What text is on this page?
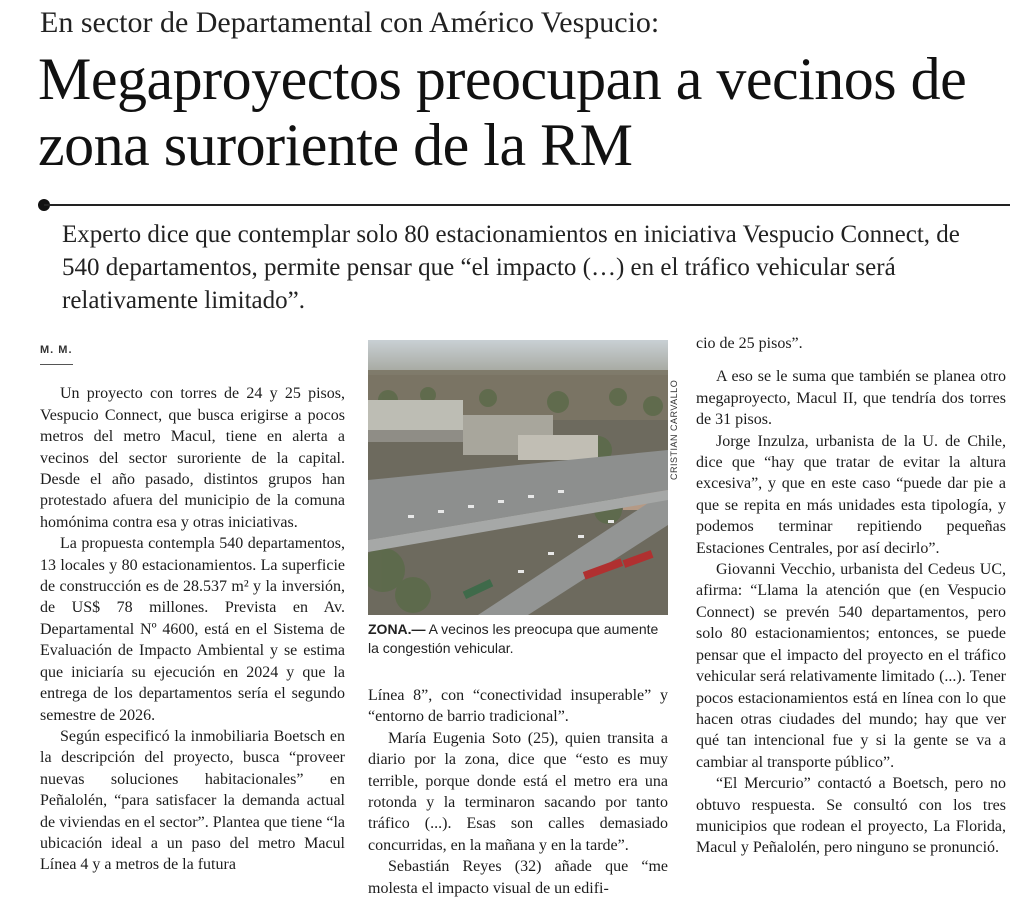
En sector de Departamental con Américo Vespucio:
Megaproyectos preocupan a vecinos de zona suroriente de la RM
Experto dice que contemplar solo 80 estacionamientos en iniciativa Vespucio Connect, de 540 departamentos, permite pensar que “el impacto (…) en el tráfico vehicular será relativamente limitado”.
M. M.

Un proyecto con torres de 24 y 25 pisos, Vespucio Connect, que busca erigirse a pocos metros del metro Macul, tiene en alerta a vecinos del sector suroriente de la capital. Desde el año pasado, distintos grupos han protestado afuera del municipio de la comuna homónima contra esa y otras iniciativas.

La propuesta contempla 540 departamentos, 13 locales y 80 estacionamientos. La superficie de construcción es de 28.537 m² y la inversión, de US$ 78 millones. Prevista en Av. Departamental Nº 4600, está en el Sistema de Evaluación de Impacto Ambiental y se estima que iniciaría su ejecución en 2024 y que la entrega de los departamentos sería el segundo semestre de 2026.

Según especificó la inmobiliaria Boetsch en la descripción del proyecto, busca “proveer nuevas soluciones habitacionales” en Peñalolén, “para satisfacer la demanda actual de viviendas en el sector”. Plantea que tiene “la ubicación ideal a un paso del metro Macul Línea 4 y a metros de la futura

CRISTIAN CARVALLO
ZONA.— A vecinos les preocupa que aumente la congestión vehicular.

Línea 8”, con “conectividad insuperable” y “entorno de barrio tradicional”.

María Eugenia Soto (25), quien transita a diario por la zona, dice que “esto es muy terrible, porque donde está el metro era una rotonda y la terminaron sacando por tanto tráfico (...). Esas son calles demasiado concurridas, en la mañana y en la tarde”.

Sebastián Reyes (32) añade que “me molesta el impacto visual de un edifi-

cio de 25 pisos”.

A eso se le suma que también se planea otro megaproyecto, Macul II, que tendría dos torres de 31 pisos.

Jorge Inzulza, urbanista de la U. de Chile, dice que “hay que tratar de evitar la altura excesiva”, y que en este caso “puede dar pie a que se repita en más unidades esta tipología, y podemos terminar repitiendo pequeñas Estaciones Centrales, por así decirlo”.

Giovanni Vecchio, urbanista del Cedeus UC, afirma: “Llama la atención que (en Vespucio Connect) se prevén 540 departamentos, pero solo 80 estacionamientos; entonces, se puede pensar que el impacto del proyecto en el tráfico vehicular será relativamente limitado (...). Tener pocos estacionamientos está en línea con lo que hacen otras ciudades del mundo; hay que ver qué tan intencional fue y si la gente se va a cambiar al transporte público”.

“El Mercurio” contactó a Boetsch, pero no obtuvo respuesta. Se consultó con los tres municipios que rodean el proyecto, La Florida, Macul y Peñalolén, pero ninguno se pronunció.
